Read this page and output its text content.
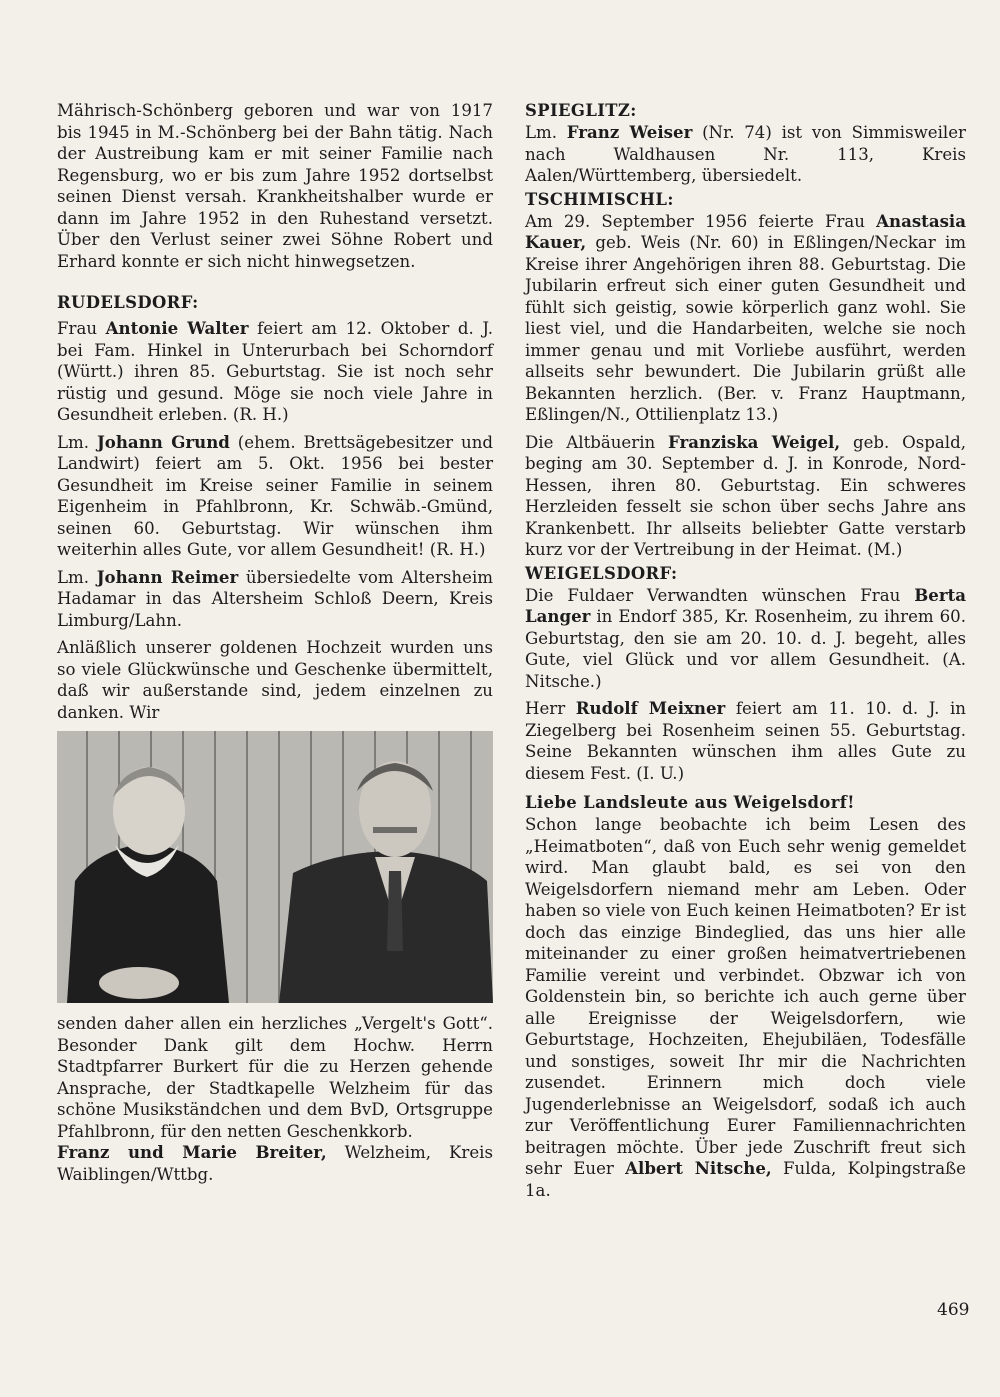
Mährisch-Schönberg geboren und war von 1917 bis 1945 in M.-Schönberg bei der Bahn tätig. Nach der Austreibung kam er mit seiner Familie nach Regensburg, wo er bis zum Jahre 1952 dortselbst seinen Dienst versah. Krankheitshalber wurde er dann im Jahre 1952 in den Ruhestand versetzt. Über den Verlust seiner zwei Söhne Robert und Erhard konnte er sich nicht hinwegsetzen.

RUDELSDORF:

Frau Antonie Walter feiert am 12. Oktober d. J. bei Fam. Hinkel in Unterurbach bei Schorndorf (Württ.) ihren 85. Geburtstag. Sie ist noch sehr rüstig und gesund. Möge sie noch viele Jahre in Gesundheit erleben. (R. H.)

Lm. Johann Grund (ehem. Brettsägebesitzer und Landwirt) feiert am 5. Okt. 1956 bei bester Gesundheit im Kreise seiner Familie in seinem Eigenheim in Pfahlbronn, Kr. Schwäb.-Gmünd, seinen 60. Geburtstag. Wir wünschen ihm weiterhin alles Gute, vor allem Gesundheit! (R. H.)

Lm. Johann Reimer übersiedelte vom Altersheim Hadamar in das Altersheim Schloß Deern, Kreis Limburg/Lahn.

Anläßlich unserer goldenen Hochzeit wurden uns so viele Glückwünsche und Geschenke übermittelt, daß wir außerstande sind, jedem einzelnen zu danken. Wir

senden daher allen ein herzliches „Vergelt's Gott“. Besonder Dank gilt dem Hochw. Herrn Stadtpfarrer Burkert für die zu Herzen gehende Ansprache, der Stadtkapelle Welzheim für das schöne Musikständchen und dem BvD, Ortsgruppe Pfahlbronn, für den netten Geschenkkorb.

Franz und Marie Breiter, Welzheim, Kreis Waiblingen/Wttbg.

SPIEGLITZ:

Lm. Franz Weiser (Nr. 74) ist von Simmisweiler nach Waldhausen Nr. 113, Kreis Aalen/Württemberg, übersiedelt.

TSCHIMISCHL:

Am 29. September 1956 feierte Frau Anastasia Kauer, geb. Weis (Nr. 60) in Eßlingen/Neckar im Kreise ihrer Angehörigen ihren 88. Geburtstag. Die Jubilarin erfreut sich einer guten Gesundheit und fühlt sich geistig, sowie körperlich ganz wohl. Sie liest viel, und die Handarbeiten, welche sie noch immer genau und mit Vorliebe ausführt, werden allseits sehr bewundert. Die Jubilarin grüßt alle Bekannten herzlich. (Ber. v. Franz Hauptmann, Eßlingen/N., Ottilienplatz 13.)

Die Altbäuerin Franziska Weigel, geb. Ospald, beging am 30. September d. J. in Konrode, Nord-Hessen, ihren 80. Geburtstag. Ein schweres Herzleiden fesselt sie schon über sechs Jahre ans Krankenbett. Ihr allseits beliebter Gatte verstarb kurz vor der Vertreibung in der Heimat. (M.)

WEIGELSDORF:

Die Fuldaer Verwandten wünschen Frau Berta Langer in Endorf 385, Kr. Rosenheim, zu ihrem 60. Geburtstag, den sie am 20. 10. d. J. begeht, alles Gute, viel Glück und vor allem Gesundheit. (A. Nitsche.)

Herr Rudolf Meixner feiert am 11. 10. d. J. in Ziegelberg bei Rosenheim seinen 55. Geburtstag. Seine Bekannten wünschen ihm alles Gute zu diesem Fest. (I. U.)

Liebe Landsleute aus Weigelsdorf!

Schon lange beobachte ich beim Lesen des „Heimatboten“, daß von Euch sehr wenig gemeldet wird. Man glaubt bald, es sei von den Weigelsdorfern niemand mehr am Leben. Oder haben so viele von Euch keinen Heimatboten? Er ist doch das einzige Bindeglied, das uns hier alle miteinander zu einer großen heimatvertriebenen Familie vereint und verbindet. Obzwar ich von Goldenstein bin, so berichte ich auch gerne über alle Ereignisse der Weigelsdorfern, wie Geburtstage, Hochzeiten, Ehejubiläen, Todesfälle und sonstiges, soweit Ihr mir die Nachrichten zusendet. Erinnern mich doch viele Jugenderlebnisse an Weigelsdorf, sodaß ich auch zur Veröffentlichung Eurer Familiennachrichten beitragen möchte. Über jede Zuschrift freut sich sehr Euer Albert Nitsche, Fulda, Kolpingstraße 1a.

469
